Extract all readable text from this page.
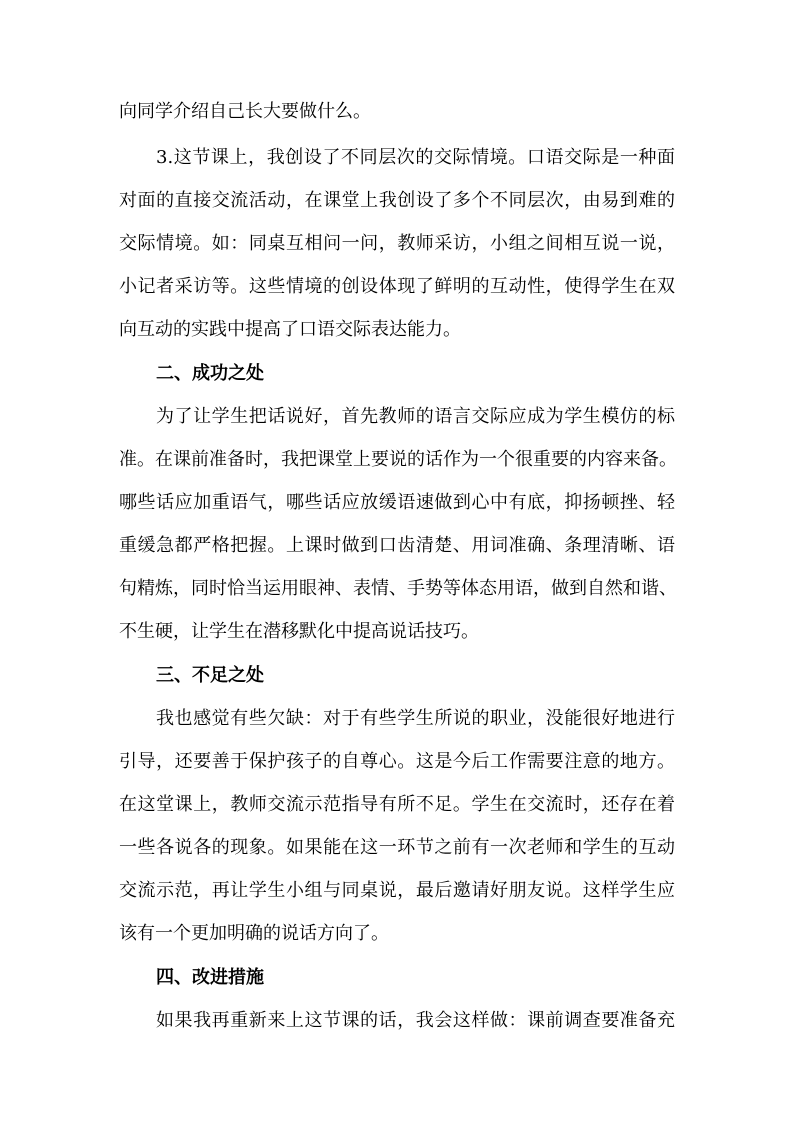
向同学介绍自己长大要做什么。
3.这节课上，我创设了不同层次的交际情境。口语交际是一种面
对面的直接交流活动，在课堂上我创设了多个不同层次，由易到难的
交际情境。如：同桌互相问一问，教师采访，小组之间相互说一说，
小记者采访等。这些情境的创设体现了鲜明的互动性，使得学生在双
向互动的实践中提高了口语交际表达能力。
二、成功之处
为了让学生把话说好，首先教师的语言交际应成为学生模仿的标
准。在课前准备时，我把课堂上要说的话作为一个很重要的内容来备。
哪些话应加重语气，哪些话应放缓语速做到心中有底，抑扬顿挫、轻
重缓急都严格把握。上课时做到口齿清楚、用词准确、条理清晰、语
句精炼，同时恰当运用眼神、表情、手势等体态用语，做到自然和谐、
不生硬，让学生在潜移默化中提高说话技巧。
三、不足之处
我也感觉有些欠缺：对于有些学生所说的职业，没能很好地进行
引导，还要善于保护孩子的自尊心。这是今后工作需要注意的地方。
在这堂课上，教师交流示范指导有所不足。学生在交流时，还存在着
一些各说各的现象。如果能在这一环节之前有一次老师和学生的互动
交流示范，再让学生小组与同桌说，最后邀请好朋友说。这样学生应
该有一个更加明确的说话方向了。
四、改进措施
如果我再重新来上这节课的话，我会这样做：课前调查要准备充
